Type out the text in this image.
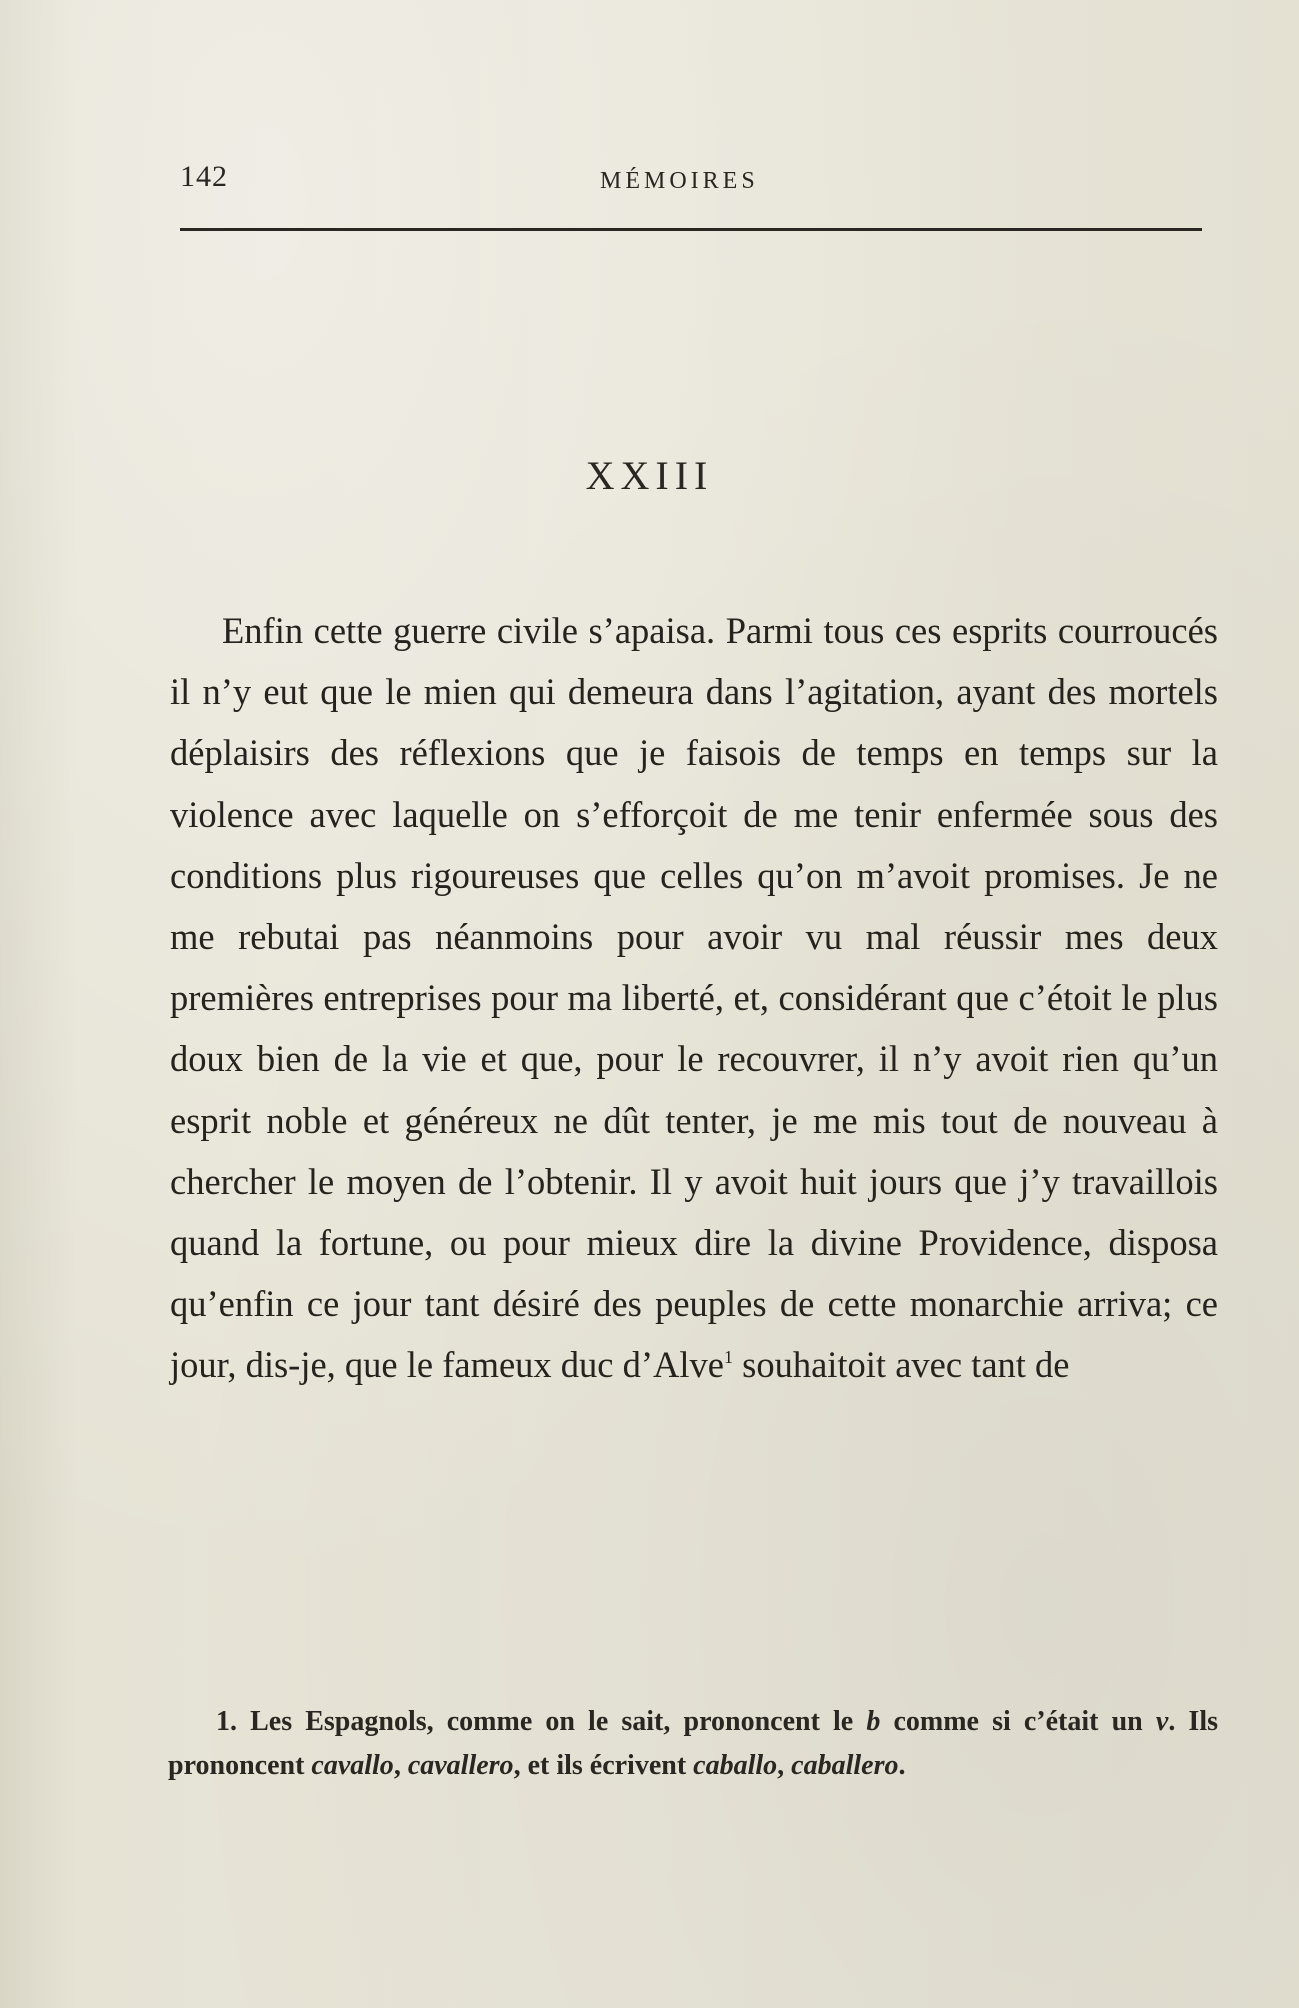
142	MÉMOIRES
XXIII

Enfin cette guerre civile s’apaisa. Parmi tous ces esprits courroucés il n’y eut que le mien qui demeura dans l’agitation, ayant des mortels déplaisirs des réflexions que je faisois de temps en temps sur la violence avec laquelle on s’efforçoit de me tenir enfermée sous des conditions plus rigoureuses que celles qu’on m’avoit promises. Je ne me rebutai pas néanmoins pour avoir vu mal réussir mes deux premières entreprises pour ma liberté, et, considérant que c’étoit le plus doux bien de la vie et que, pour le recouvrer, il n’y avoit rien qu’un esprit noble et généreux ne dût tenter, je me mis tout de nouveau à chercher le moyen de l’obtenir. Il y avoit huit jours que j’y travaillois quand la fortune, ou pour mieux dire la divine Providence, disposa qu’enfin ce jour tant désiré des peuples de cette monarchie arriva; ce jour, dis-je, que le fameux duc d’Alve$^1$ souhaitoit avec tant de

1. Les Espagnols, comme on le sait, prononcent le b comme si c’était un v. Ils prononcent cavallo, cavallero, et ils écrivent caballo, caballero.
